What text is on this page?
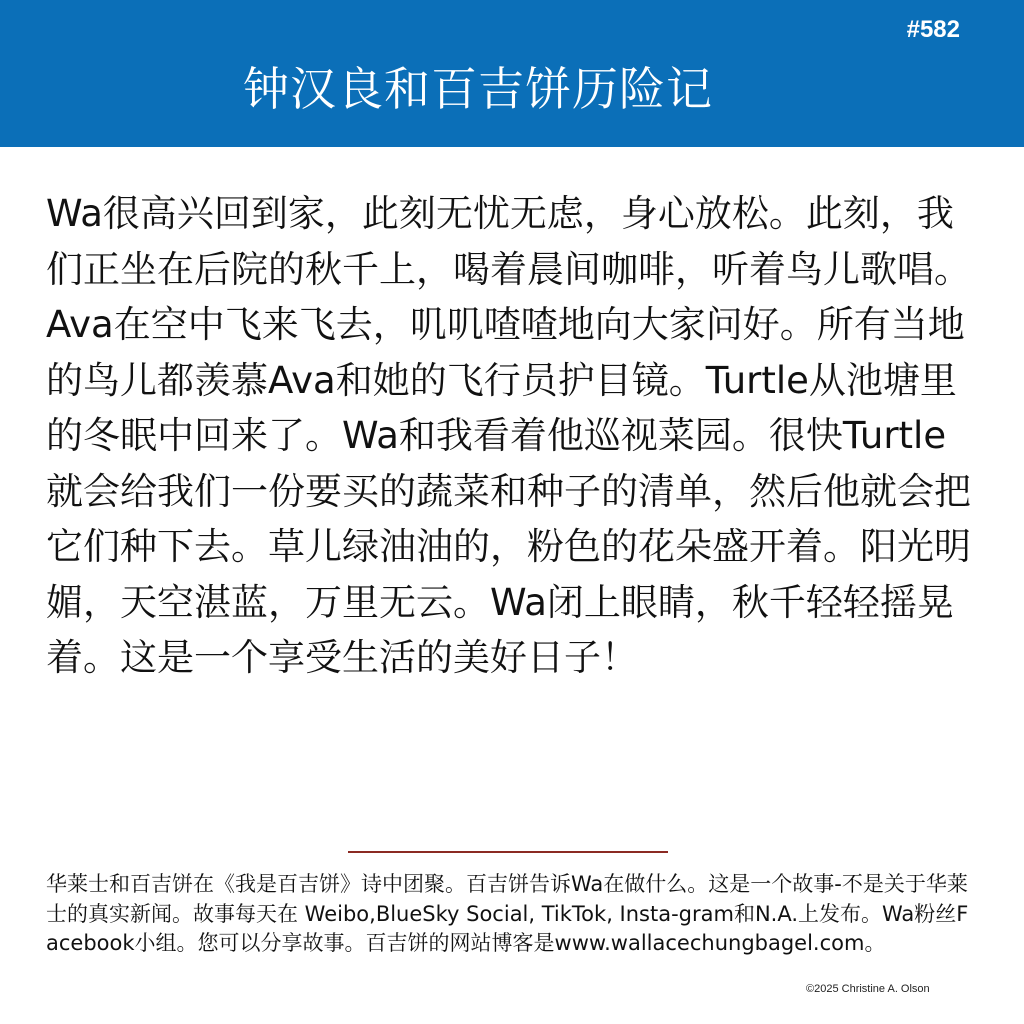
#582
钟汉良和百吉饼历险记

Wa很高兴回到家，此刻无忧无虑，身心放松。此刻，我们正坐在后院的秋千上，喝着晨间咖啡，听着鸟儿歌唱。Ava在空中飞来飞去，叽叽喳喳地向大家问好。所有当地的鸟儿都羡慕Ava和她的飞行员护目镜。Turtle从池塘里的冬眠中回来了。Wa和我看着他巡视菜园。很快Turtle就会给我们一份要买的蔬菜和种子的清单，然后他就会把它们种下去。草儿绿油油的，粉色的花朵盛开着。阳光明媚，天空湛蓝，万里无云。Wa闭上眼睛，秋千轻轻摇晃着。这是一个享受生活的美好日子！

华莱士和百吉饼在《我是百吉饼》诗中团聚。百吉饼告诉Wa在做什么。这是一个故事-不是关于华莱士的真实新闻。故事每天在 Weibo,BlueSky Social, TikTok, Insta-gram和N.A.上发布。Wa粉丝Facebook小组。您可以分享故事。百吉饼的网站博客是www.wallacechungbagel.com。

©2025 Christine A. Olson
